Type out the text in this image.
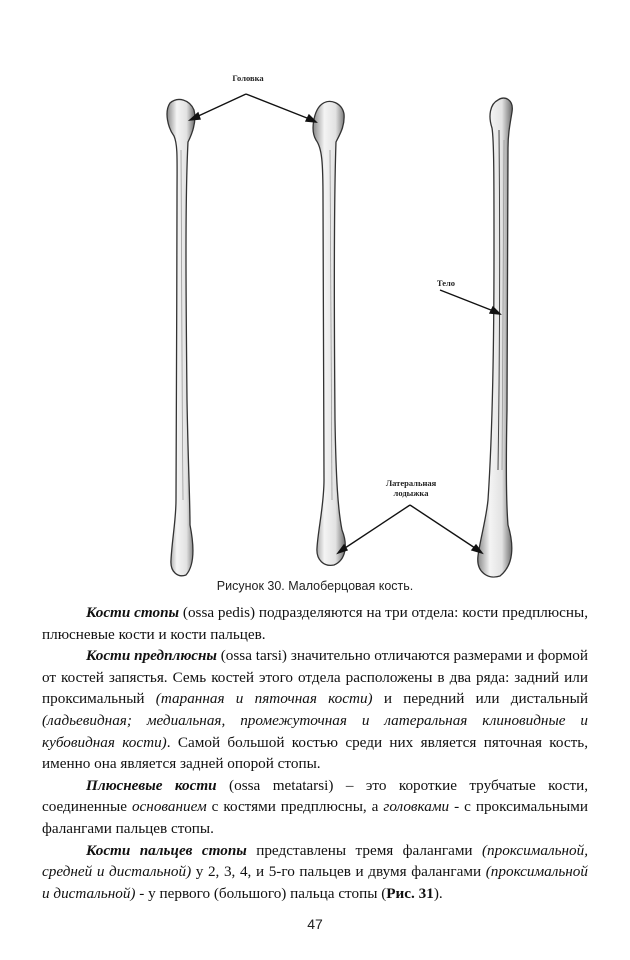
Головка
Тело
Латеральная
лодыжка
Рисунок 30. Малоберцовая кость.

Кости стопы (ossa pedis) подразделяются на три отдела: кости предплюсны, плюсневые кости и кости пальцев.

Кости предплюсны (ossa tarsi) значительно отличаются размерами и формой от костей запястья. Семь костей этого отдела расположены в два ряда: задний или проксимальный (таранная и пяточная кости) и передний или дистальный (ладьевидная; медиальная, промежуточная и латеральная клиновидные и кубовидная кости). Самой большой костью среди них является пяточная кость, именно она является задней опорой стопы.

Плюсневые кости (ossa metatarsi) – это короткие трубчатые кости, соединенные основанием с костями предплюсны, а головками - с проксимальными фалангами пальцев стопы.

Кости пальцев стопы представлены тремя фалангами (проксимальной, средней и дистальной) у 2, 3, 4, и 5-го пальцев и двумя фалангами (проксимальной и дистальной) - у первого (большого) пальца стопы (Рис. 31).

47
